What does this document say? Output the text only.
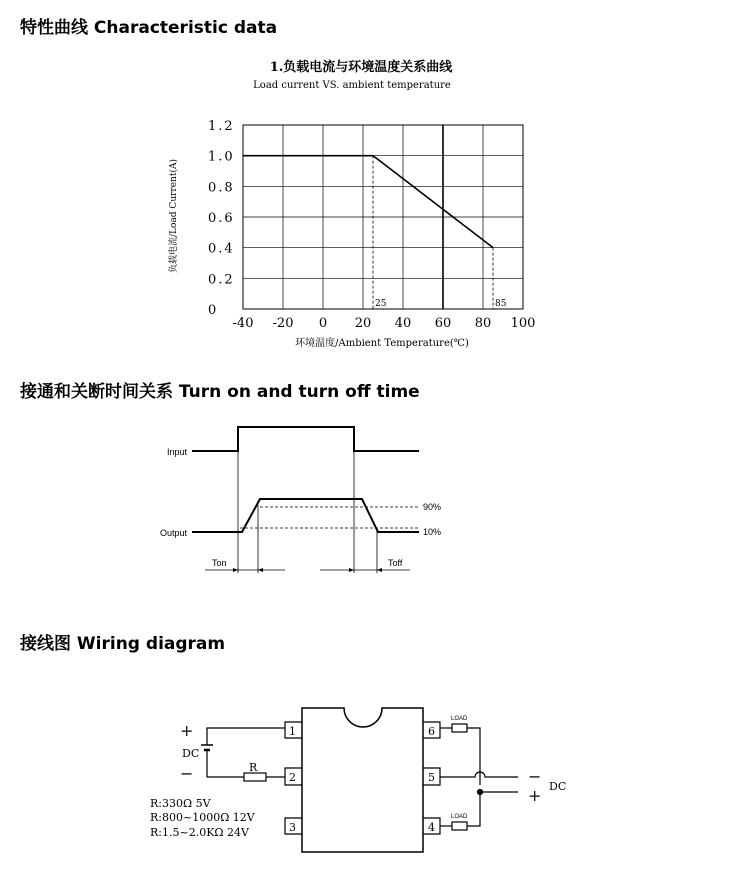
特性曲线 Characteristic data
接通和关断时间关系 Turn on and turn off time
接线图 Wiring diagram
1.负载电流与环境温度关系曲线
Load current VS. ambient temperature
0
0.2
0.4
0.6
0.8
1.0
1.2
-40 -20 0 20 40 60 80 100
25	85
环境温度/Ambient Temperature(℃)
负载电流/Load Current(A)
Input
Output
90%
10%
Ton	Toff
1
2
3	4
5
6
+
DC
−	R
LOAD
LOAD
−
+ DC
R:330Ω 5V
R:800~1000Ω 12V
R:1.5~2.0KΩ 24V
